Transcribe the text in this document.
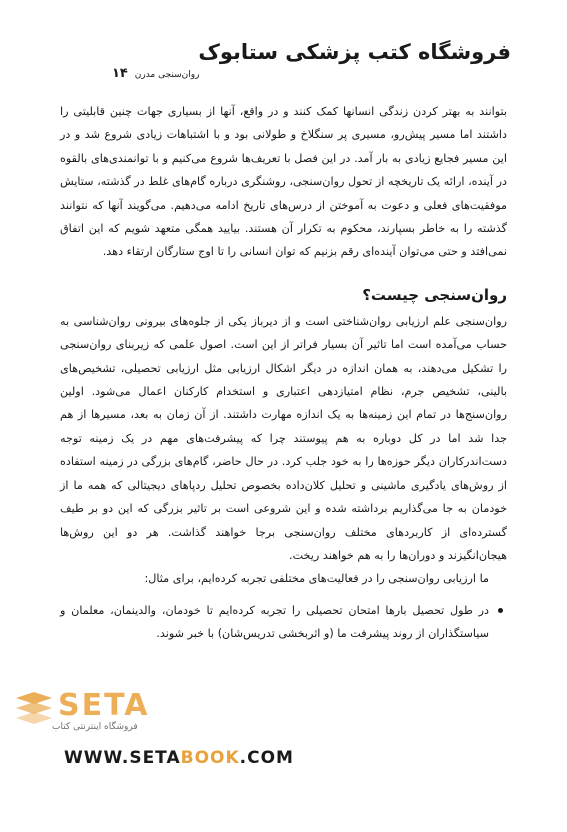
فروشگاه کتب پزشکی ستابوک
روان‌سنجی مدرن ۱۴

بتوانند به بهتر کردن زندگی انسانها کمک کنند و در واقع، آنها از بسیاری جهات چنین قابلیتی را داشتند اما مسیر پیش‌رو، مسیری پر سنگلاخ و طولانی بود و با اشتباهات زیادی شروع شد و در این مسیر فجایع زیادی به بار آمد. در این فصل با تعریف‌ها شروع می‌کنیم و با توانمندی‌های بالقوه در آینده، ارائه یک تاریخچه از تحول روان‌سنجی، روشنگری درباره گام‌های غلط در گذشته، ستایش موفقیت‌های فعلی و دعوت به آموختن از درس‌های تاریخ ادامه می‌دهیم. می‌گویند آنها که نتوانند گذشته را به خاطر بسپارند، محکوم به تکرار آن هستند. بیایید همگی متعهد شویم که این اتفاق نمی‌افتد و حتی می‌توان آینده‌ای رقم بزنیم که توان انسانی را تا اوج ستارگان ارتقاء دهد.

روان‌سنجی چیست؟

روان‌سنجی علم ارزیابی روان‌شناختی است و از دیرباز یکی از جلوه‌های بیرونی روان‌شناسی به حساب می‌آمده است اما تاثیر آن بسیار فراتر از این است. اصول علمی که زیربنای روان‌سنجی را تشکیل می‌دهند، به همان اندازه در دیگر اشکال ارزیابی مثل ارزیابی تحصیلی، تشخیص‌های بالینی، تشخیص جرم، نظام امتیازدهی اعتباری و استخدام کارکنان اعمال می‌شود. اولین روان‌سنج‌ها در تمام این زمینه‌ها به یک اندازه مهارت داشتند. از آن زمان به بعد، مسیرها از هم جدا شد اما در کل دوباره به هم پیوستند چرا که پیشرفت‌های مهم در یک زمینه توجه دست‌اندرکاران دیگر حوزه‌ها را به خود جلب کرد. در حال حاضر، گام‌های بزرگی در زمینه استفاده از روش‌های یادگیری ماشینی و تحلیل کلان‌داده بخصوص تحلیل ردپاهای دیجیتالی که همه ما از خودمان به جا می‌گذاریم برداشته شده و این شروعی است بر تاثیر بزرگی که این دو بر طیف گسترده‌ای از کاربردهای مختلف روان‌سنجی برجا خواهند گذاشت. هر دو این روش‌ها هیجان‌انگیزند و دوران‌ها را به هم خواهند ریخت.

ما ارزیابی روان‌سنجی را در فعالیت‌های مختلفی تجربه کرده‌ایم، برای مثال:

در طول تحصیل بارها امتحان تحصیلی را تجربه کرده‌ایم تا خودمان، والدینمان، معلمان و سیاستگذاران از روند پیشرفت ما (و اثربخشی تدریس‌شان) با خبر شوند.
SETA
فروشگاه اینترنتی کتاب
WWW.SETABOOK.COM
